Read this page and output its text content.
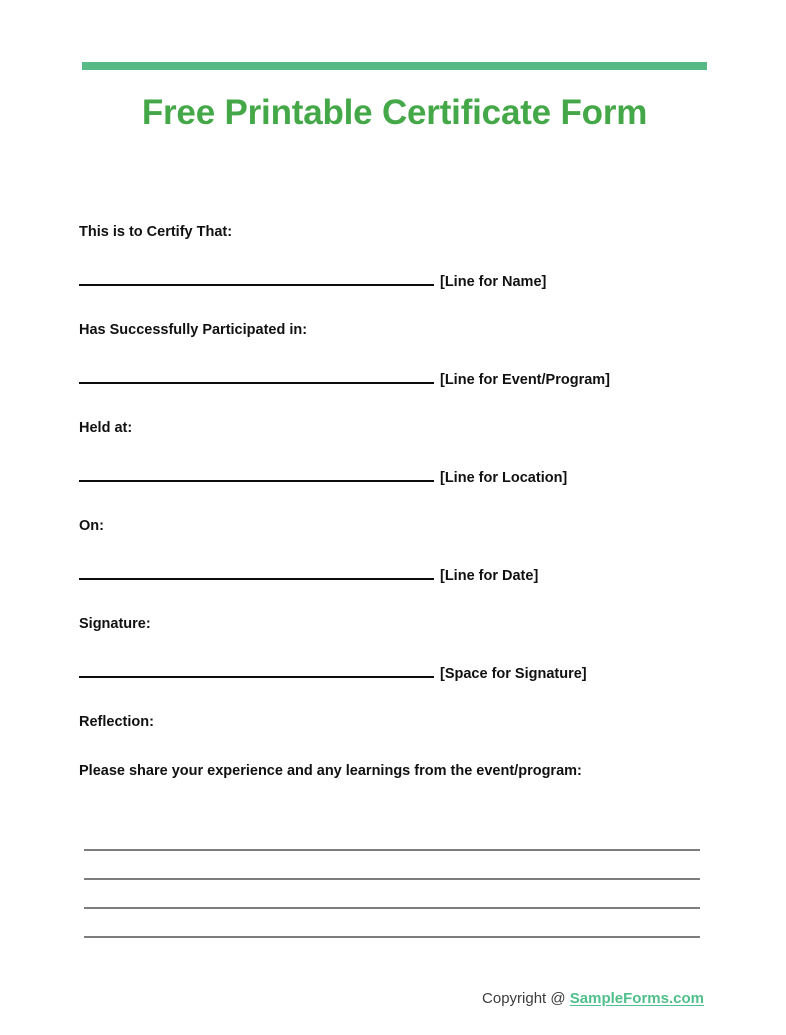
Free Printable Certificate Form
This is to Certify That:
[Line for Name]
Has Successfully Participated in:
[Line for Event/Program]
Held at:
[Line for Location]
On:
[Line for Date]
Signature:
[Space for Signature]
Reflection:
Please share your experience and any learnings from the event/program:
Copyright @ SampleForms.com
